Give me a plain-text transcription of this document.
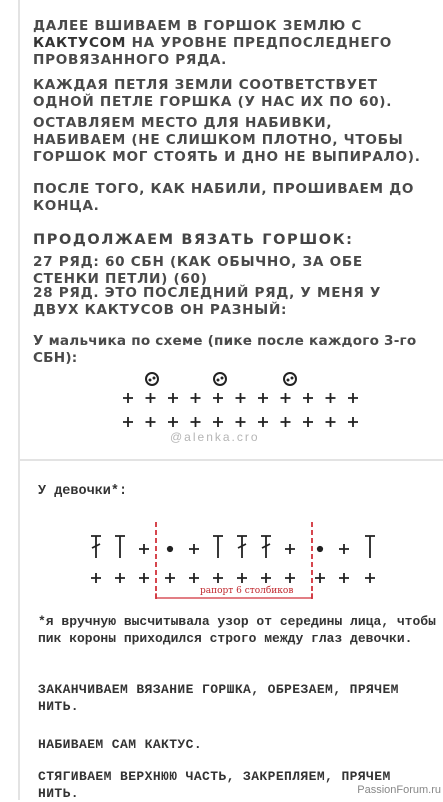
ДАЛЕЕ ВШИВАЕМ В ГОРШОК ЗЕМЛЮ С КАКТУСОМ НА УРОВНЕ ПРЕДПОСЛЕДНЕГО ПРОВЯЗАННОГО РЯДА.

КАЖДАЯ ПЕТЛЯ ЗЕМЛИ СООТВЕТСТВУЕТ ОДНОЙ ПЕТЛЕ ГОРШКА (У НАС ИХ ПО 60).

ОСТАВЛЯЕМ МЕСТО ДЛЯ НАБИВКИ, НАБИВАЕМ (НЕ СЛИШКОМ ПЛОТНО, ЧТОБЫ ГОРШОК МОГ СТОЯТЬ И ДНО НЕ ВЫПИРАЛО).

ПОСЛЕ ТОГО, КАК НАБИЛИ, ПРОШИВАЕМ ДО КОНЦА.

ПРОДОЛЖАЕМ ВЯЗАТЬ ГОРШОК:

27 РЯД: 60 СБН (КАК ОБЫЧНО, ЗА ОБЕ СТЕНКИ ПЕТЛИ) (60)

28 РЯД. ЭТО ПОСЛЕДНИЙ РЯД, У МЕНЯ У ДВУХ КАКТУСОВ ОН РАЗНЫЙ:

У мальчика по схеме (пике после каждого 3-го СБН):

@alenka.cro
У девочки*:
рапорт 6 столбиков
*я вручную высчитывала узор от середины лица, чтобы пик короны приходился строго между глаз девочки.
ЗАКАНЧИВАЕМ ВЯЗАНИЕ ГОРШКА, ОБРЕЗАЕМ, ПРЯЧЕМ НИТЬ.
НАБИВАЕМ САМ КАКТУС.
СТЯГИВАЕМ ВЕРХНЮЮ ЧАСТЬ, ЗАКРЕПЛЯЕМ, ПРЯЧЕМ НИТЬ.	PassionForum.ru
